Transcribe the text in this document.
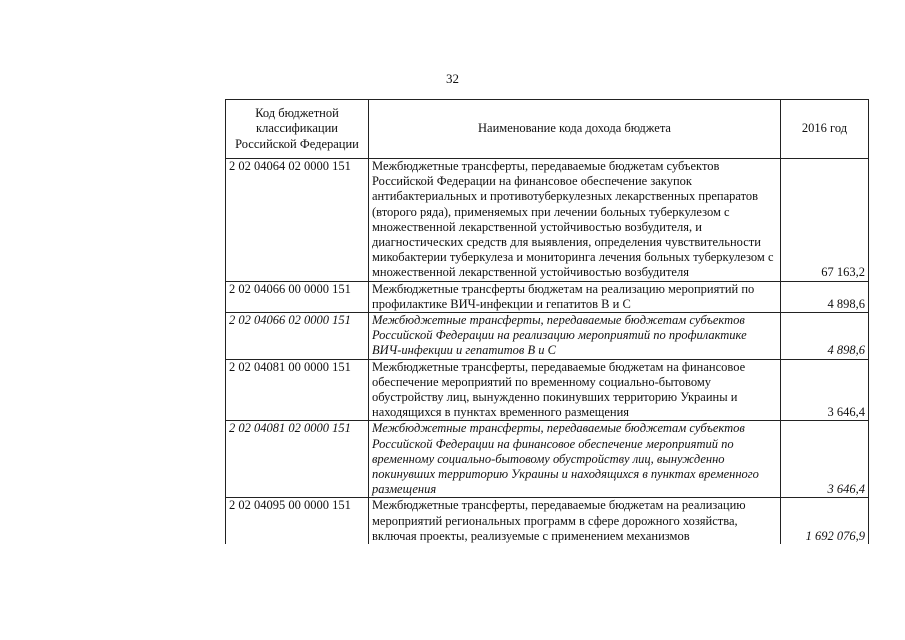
32
Код бюджетной классификации Российской Федерации	Наименование кода дохода бюджета	2016 год
2 02 04064 02 0000 151	Межбюджетные трансферты, передаваемые бюджетам субъектов Российской Федерации на финансовое обеспечение закупок антибактериальных и противотуберкулезных лекарственных препаратов (второго ряда), применяемых при лечении больных туберкулезом с множественной лекарственной устойчивостью возбудителя, и диагностических средств для выявления, определения чувствительности микобактерии туберкулеза и мониторинга лечения больных туберкулезом с множественной лекарственной устойчивостью возбудителя	67 163,2
2 02 04066 00 0000 151	Межбюджетные трансферты бюджетам на реализацию мероприятий по профилактике ВИЧ-инфекции и гепатитов В и С	4 898,6
2 02 04066 02 0000 151	Межбюджетные трансферты, передаваемые бюджетам субъектов Российской Федерации на реализацию мероприятий по профилактике ВИЧ-инфекции и гепатитов В и С	4 898,6
2 02 04081 00 0000 151	Межбюджетные трансферты, передаваемые бюджетам на финансовое обеспечение мероприятий по временному социально-бытовому обустройству лиц, вынужденно покинувших территорию Украины и находящихся в пунктах временного размещения	3 646,4
2 02 04081 02 0000 151	Межбюджетные трансферты, передаваемые бюджетам субъектов Российской Федерации на финансовое обеспечение мероприятий по временному социально-бытовому обустройству лиц, вынужденно покинувших территорию Украины и находящихся в пунктах временного размещения	3 646,4
2 02 04095 00 0000 151	Межбюджетные трансферты, передаваемые бюджетам на реализацию мероприятий региональных программ в сфере дорожного хозяйства, включая проекты, реализуемые с применением механизмов	1 692 076,9
